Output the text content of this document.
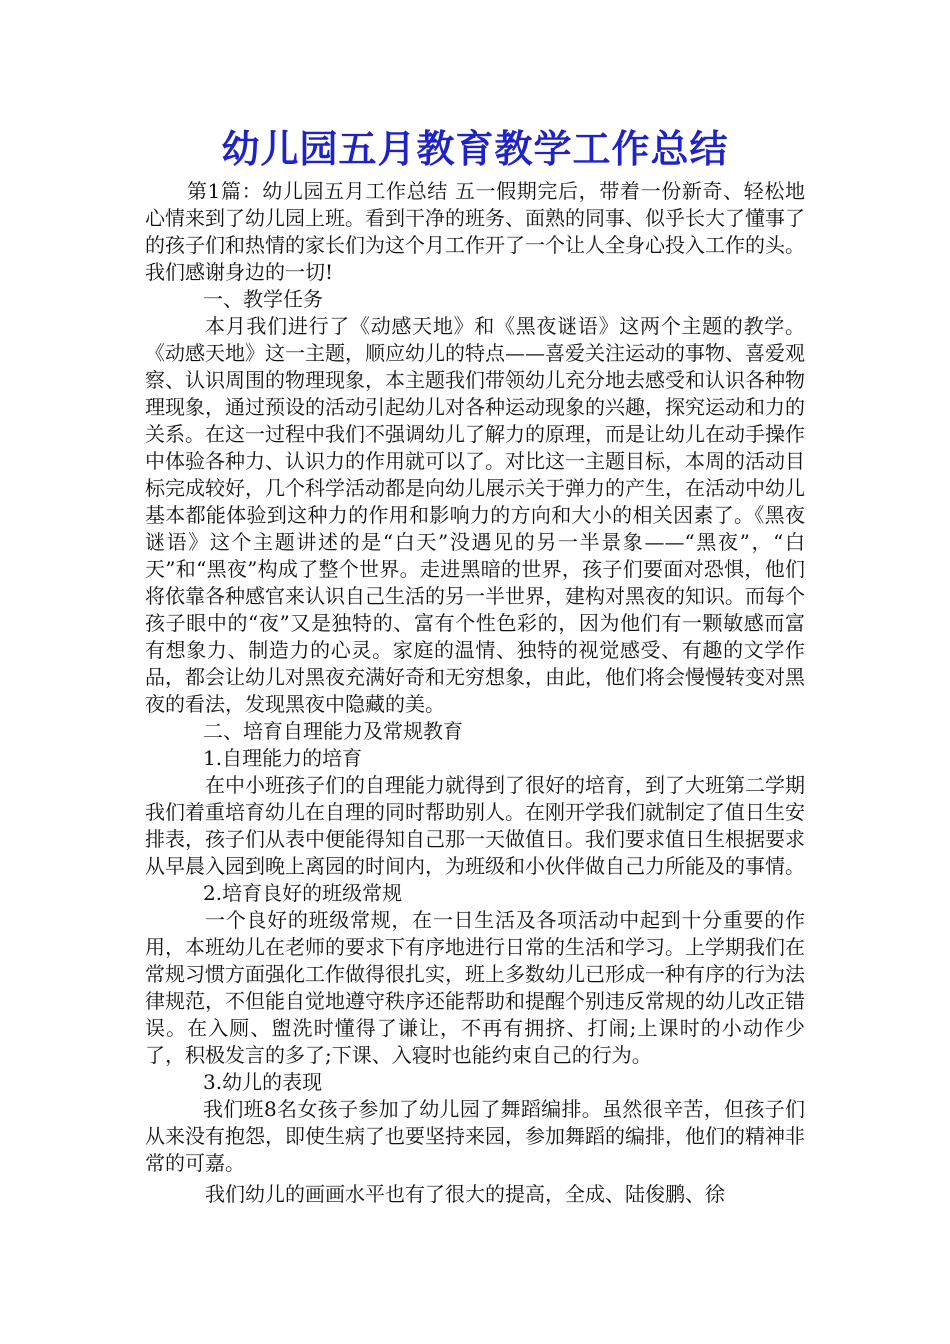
幼儿园五月教育教学工作总结

第1篇：幼儿园五月工作总结 五一假期完后，带着一份新奇、轻松地心情来到了幼儿园上班。看到干净的班务、面熟的同事、似乎长大了懂事了的孩子们和热情的家长们为这个月工作开了一个让人全身心投入工作的头。我们感谢身边的一切!

一、教学任务

本月我们进行了《动感天地》和《黑夜谜语》这两个主题的教学。《动感天地》这一主题，顺应幼儿的特点——喜爱关注运动的事物、喜爱观察、认识周围的物理现象，本主题我们带领幼儿充分地去感受和认识各种物理现象，通过预设的活动引起幼儿对各种运动现象的兴趣，探究运动和力的关系。在这一过程中我们不强调幼儿了解力的原理，而是让幼儿在动手操作中体验各种力、认识力的作用就可以了。对比这一主题目标，本周的活动目标完成较好，几个科学活动都是向幼儿展示关于弹力的产生，在活动中幼儿基本都能体验到这种力的作用和影响力的方向和大小的相关因素了。《黑夜谜语》这个主题讲述的是“白天”没遇见的另一半景象——“黑夜”，“白天”和“黑夜”构成了整个世界。走进黑暗的世界，孩子们要面对恐惧，他们将依靠各种感官来认识自己生活的另一半世界，建构对黑夜的知识。而每个孩子眼中的“夜”又是独特的、富有个性色彩的，因为他们有一颗敏感而富有想象力、制造力的心灵。家庭的温情、独特的视觉感受、有趣的文学作品，都会让幼儿对黑夜充满好奇和无穷想象，由此，他们将会慢慢转变对黑夜的看法，发现黑夜中隐藏的美。

二、培育自理能力及常规教育

1.自理能力的培育

在中小班孩子们的自理能力就得到了很好的培育，到了大班第二学期我们着重培育幼儿在自理的同时帮助别人。在刚开学我们就制定了值日生安排表，孩子们从表中便能得知自己那一天做值日。我们要求值日生根据要求从早晨入园到晚上离园的时间内，为班级和小伙伴做自己力所能及的事情。

2.培育良好的班级常规

一个良好的班级常规，在一日生活及各项活动中起到十分重要的作用，本班幼儿在老师的要求下有序地进行日常的生活和学习。上学期我们在常规习惯方面强化工作做得很扎实，班上多数幼儿已形成一种有序的行为法律规范，不但能自觉地遵守秩序还能帮助和提醒个别违反常规的幼儿改正错误。在入厕、盥洗时懂得了谦让，不再有拥挤、打闹;上课时的小动作少了，积极发言的多了;下课、入寝时也能约束自己的行为。

3.幼儿的表现

我们班8名女孩子参加了幼儿园了舞蹈编排。虽然很辛苦，但孩子们从来没有抱怨，即使生病了也要坚持来园，参加舞蹈的编排，他们的精神非常的可嘉。

我们幼儿的画画水平也有了很大的提高，全成、陆俊鹏、徐
